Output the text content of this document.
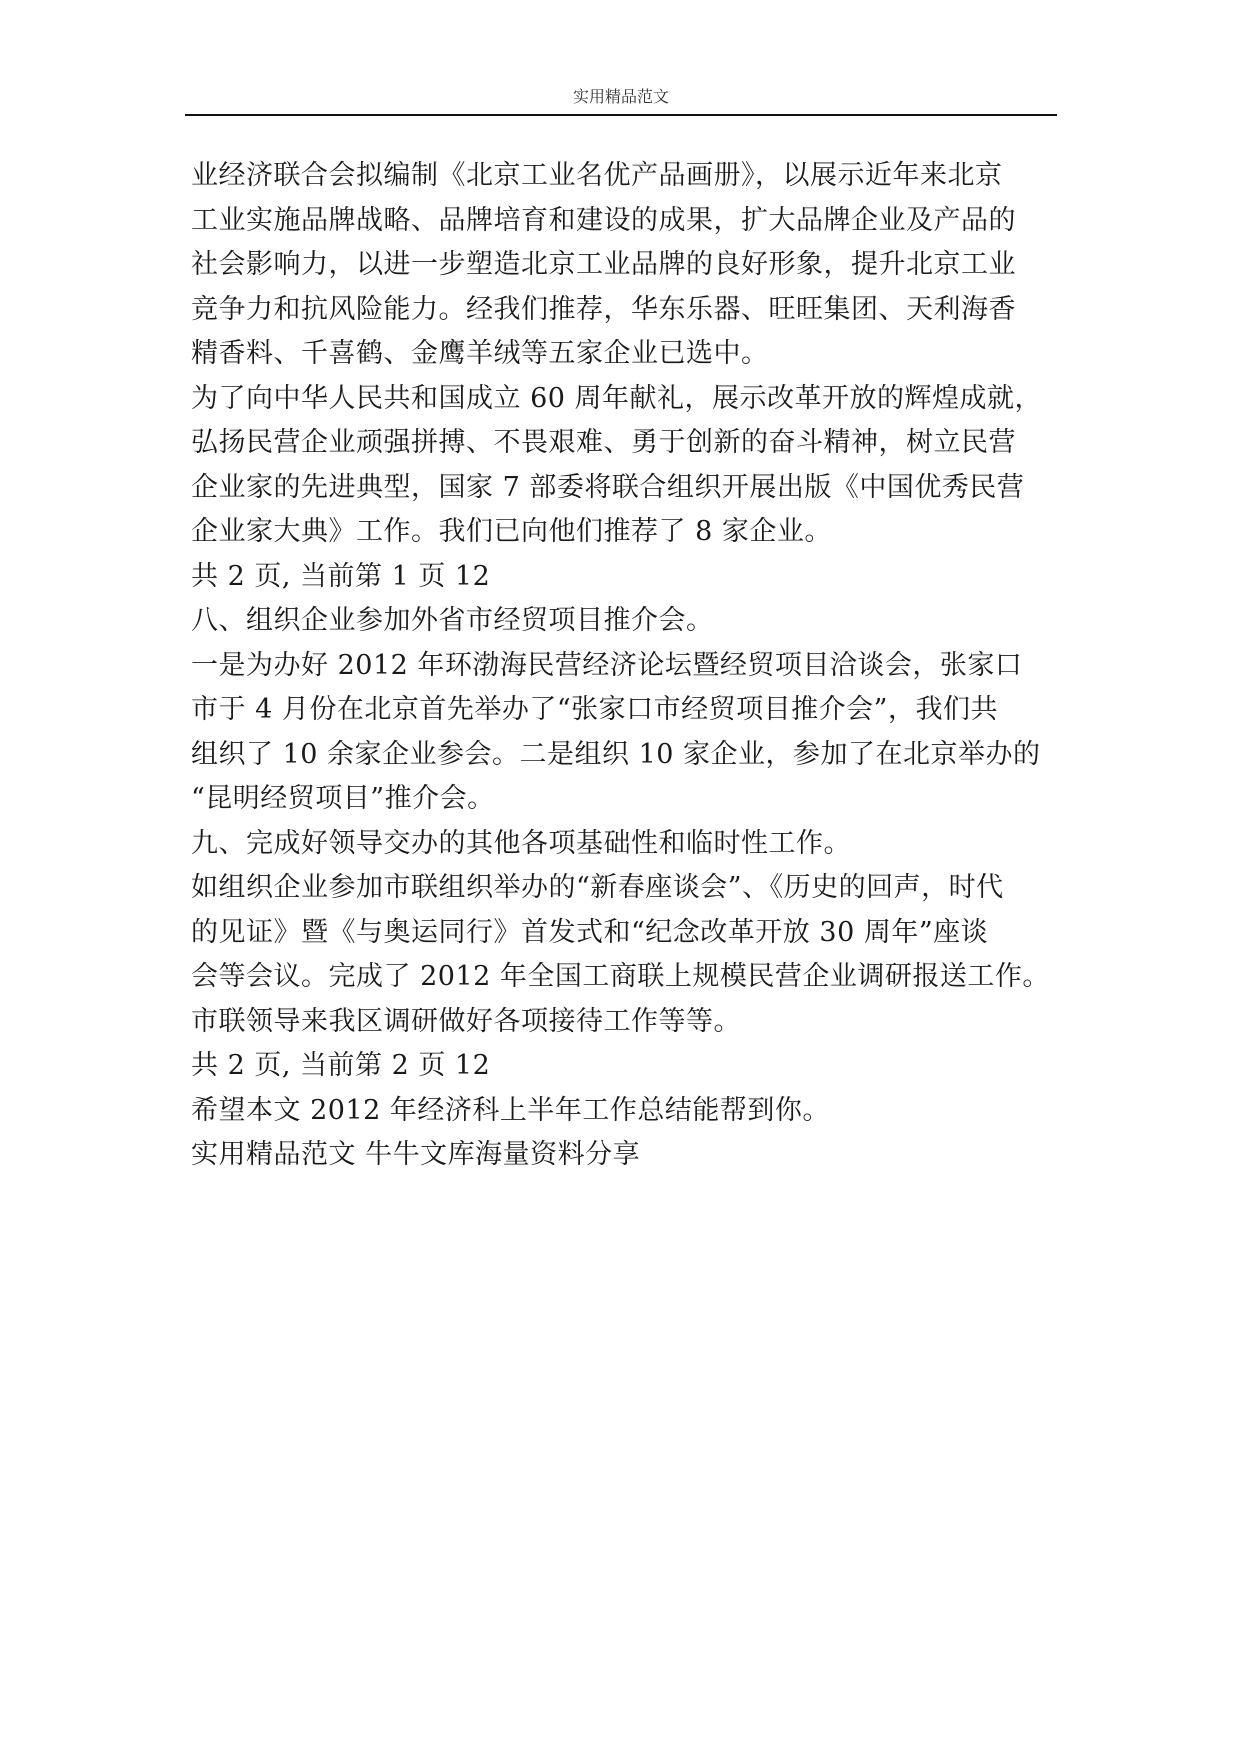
实用精品范文
业经济联合会拟编制《北京工业名优产品画册》，以展示近年来北京
工业实施品牌战略、品牌培育和建设的成果，扩大品牌企业及产品的
社会影响力，以进一步塑造北京工业品牌的良好形象，提升北京工业
竞争力和抗风险能力。经我们推荐，华东乐器、旺旺集团、天利海香
精香料、千喜鹤、金鹰羊绒等五家企业已选中。
为了向中华人民共和国成立 60 周年献礼，展示改革开放的辉煌成就，
弘扬民营企业顽强拼搏、不畏艰难、勇于创新的奋斗精神，树立民营
企业家的先进典型，国家 7 部委将联合组织开展出版《中国优秀民营
企业家大典》工作。我们已向他们推荐了 8 家企业。
共 2 页, 当前第 1 页 12
八、组织企业参加外省市经贸项目推介会。
一是为办好 2012 年环渤海民营经济论坛暨经贸项目洽谈会，张家口
市于 4 月份在北京首先举办了“张家口市经贸项目推介会”，我们共
组织了 10 余家企业参会。二是组织 10 家企业，参加了在北京举办的
“昆明经贸项目”推介会。
九、完成好领导交办的其他各项基础性和临时性工作。
如组织企业参加市联组织举办的“新春座谈会”、《历史的回声，时代
的见证》暨《与奥运同行》首发式和“纪念改革开放 30 周年”座谈
会等会议。完成了 2012 年全国工商联上规模民营企业调研报送工作。
市联领导来我区调研做好各项接待工作等等。
共 2 页, 当前第 2 页 12
希望本文 2012 年经济科上半年工作总结能帮到你。
实用精品范文 牛牛文库海量资料分享
